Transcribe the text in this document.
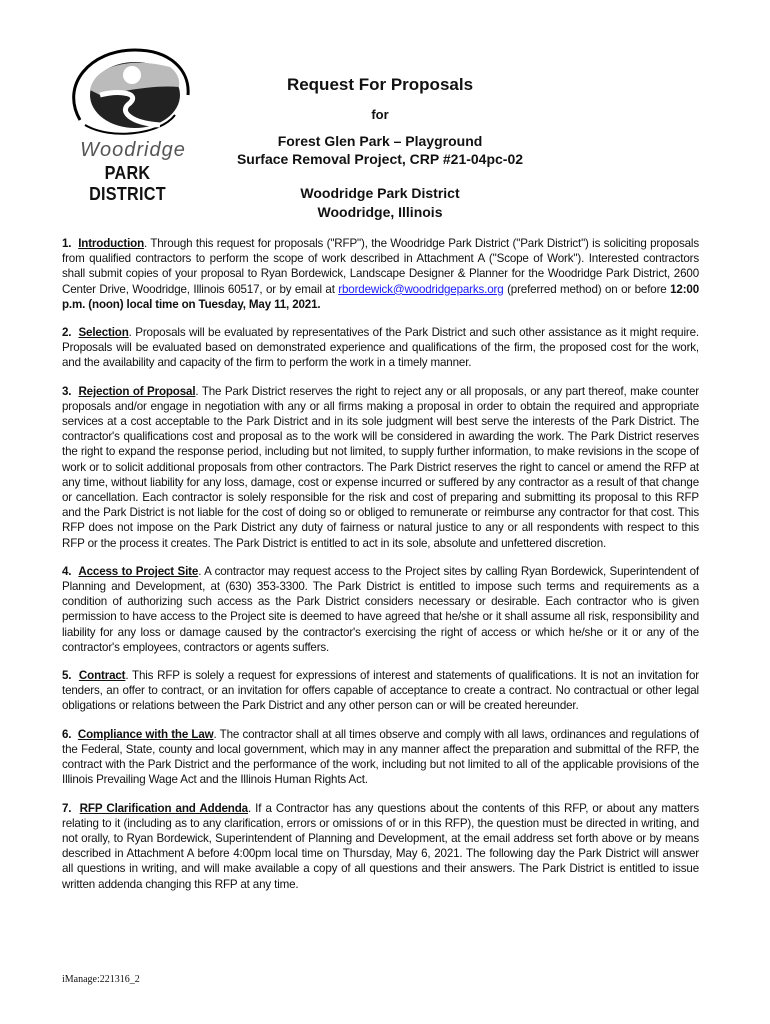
Woodridge
PARK DISTRICT
Request For Proposals
for
Forest Glen Park – Playground
Surface Removal Project, CRP #21-04pc-02
Woodridge Park District
Woodridge, Illinois

1. Introduction. Through this request for proposals ("RFP"), the Woodridge Park District ("Park District") is soliciting proposals from qualified contractors to perform the scope of work described in Attachment A ("Scope of Work"). Interested contractors shall submit copies of your proposal to Ryan Bordewick, Landscape Designer & Planner for the Woodridge Park District, 2600 Center Drive, Woodridge, Illinois 60517, or by email at rbordewick@woodridgeparks.org (preferred method) on or before 12:00 p.m. (noon) local time on Tuesday, May 11, 2021.

2. Selection. Proposals will be evaluated by representatives of the Park District and such other assistance as it might require. Proposals will be evaluated based on demonstrated experience and qualifications of the firm, the proposed cost for the work, and the availability and capacity of the firm to perform the work in a timely manner.

3. Rejection of Proposal. The Park District reserves the right to reject any or all proposals, or any part thereof, make counter proposals and/or engage in negotiation with any or all firms making a proposal in order to obtain the required and appropriate services at a cost acceptable to the Park District and in its sole judgment will best serve the interests of the Park District. The contractor's qualifications cost and proposal as to the work will be considered in awarding the work. The Park District reserves the right to expand the response period, including but not limited, to supply further information, to make revisions in the scope of work or to solicit additional proposals from other contractors. The Park District reserves the right to cancel or amend the RFP at any time, without liability for any loss, damage, cost or expense incurred or suffered by any contractor as a result of that change or cancellation. Each contractor is solely responsible for the risk and cost of preparing and submitting its proposal to this RFP and the Park District is not liable for the cost of doing so or obliged to remunerate or reimburse any contractor for that cost. This RFP does not impose on the Park District any duty of fairness or natural justice to any or all respondents with respect to this RFP or the process it creates. The Park District is entitled to act in its sole, absolute and unfettered discretion.

4. Access to Project Site. A contractor may request access to the Project sites by calling Ryan Bordewick, Superintendent of Planning and Development, at (630) 353-3300. The Park District is entitled to impose such terms and requirements as a condition of authorizing such access as the Park District considers necessary or desirable. Each contractor who is given permission to have access to the Project site is deemed to have agreed that he/she or it shall assume all risk, responsibility and liability for any loss or damage caused by the contractor's exercising the right of access or which he/she or it or any of the contractor's employees, contractors or agents suffers.

5. Contract. This RFP is solely a request for expressions of interest and statements of qualifications. It is not an invitation for tenders, an offer to contract, or an invitation for offers capable of acceptance to create a contract. No contractual or other legal obligations or relations between the Park District and any other person can or will be created hereunder.

6. Compliance with the Law. The contractor shall at all times observe and comply with all laws, ordinances and regulations of the Federal, State, county and local government, which may in any manner affect the preparation and submittal of the RFP, the contract with the Park District and the performance of the work, including but not limited to all of the applicable provisions of the Illinois Prevailing Wage Act and the Illinois Human Rights Act.

7. RFP Clarification and Addenda. If a Contractor has any questions about the contents of this RFP, or about any matters relating to it (including as to any clarification, errors or omissions of or in this RFP), the question must be directed in writing, and not orally, to Ryan Bordewick, Superintendent of Planning and Development, at the email address set forth above or by means described in Attachment A before 4:00pm local time on Thursday, May 6, 2021. The following day the Park District will answer all questions in writing, and will make available a copy of all questions and their answers. The Park District is entitled to issue written addenda changing this RFP at any time.

iManage:221316_2
